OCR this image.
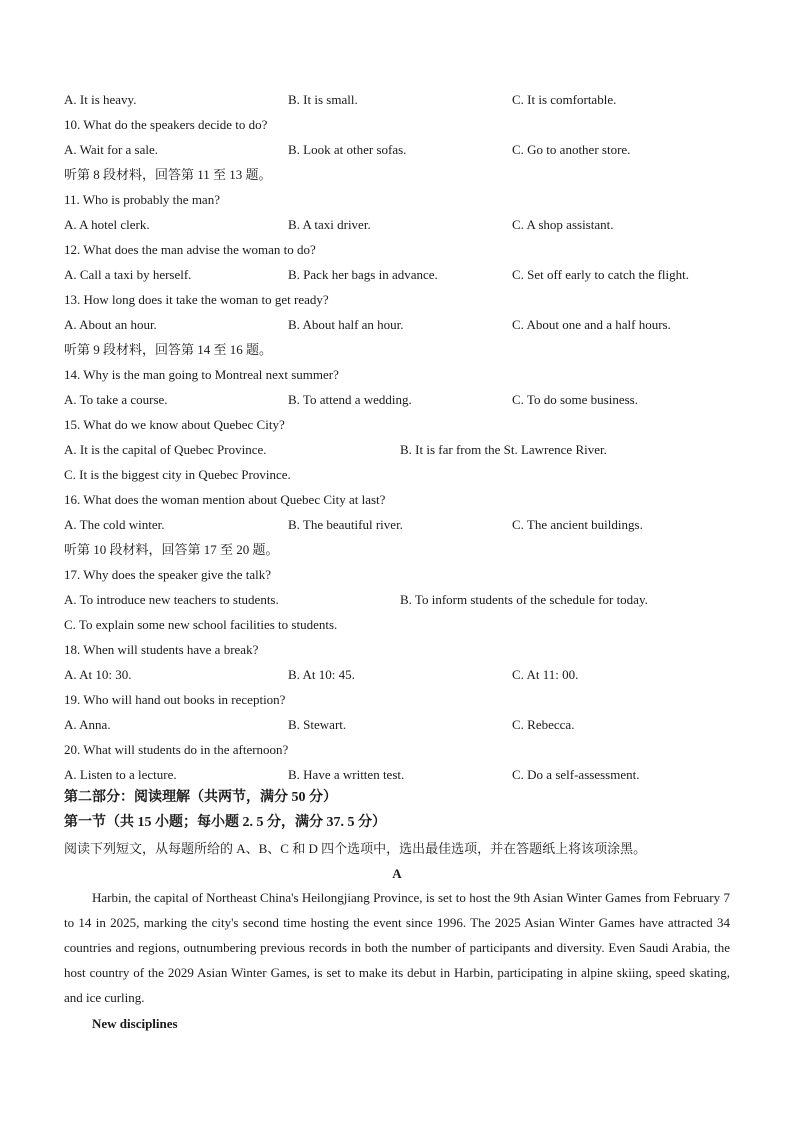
A. It is heavy.	B. It is small.	C. It is comfortable.
10. What do the speakers decide to do?
A. Wait for a sale.	B. Look at other sofas.	C. Go to another store.
听第 8 段材料，回答第 11 至 13 题。
11. Who is probably the man?
A. A hotel clerk.	B. A taxi driver.	C. A shop assistant.
12. What does the man advise the woman to do?
A. Call a taxi by herself.	B. Pack her bags in advance.	C. Set off early to catch the flight.
13. How long does it take the woman to get ready?
A. About an hour.	B. About half an hour.	C. About one and a half hours.
听第 9 段材料，回答第 14 至 16 题。
14. Why is the man going to Montreal next summer?
A. To take a course.	B. To attend a wedding.	C. To do some business.
15. What do we know about Quebec City?
A. It is the capital of Quebec Province.	B. It is far from the St. Lawrence River.
C. It is the biggest city in Quebec Province.
16. What does the woman mention about Quebec City at last?
A. The cold winter.	B. The beautiful river.	C. The ancient buildings.
听第 10 段材料，回答第 17 至 20 题。
17. Why does the speaker give the talk?
A. To introduce new teachers to students.	B. To inform students of the schedule for today.
C. To explain some new school facilities to students.
18. When will students have a break?
A. At 10: 30.	B. At 10: 45.	C. At 11: 00.
19. Who will hand out books in reception?
A. Anna.	B. Stewart.	C. Rebecca.
20. What will students do in the afternoon?
A. Listen to a lecture.	B. Have a written test.	C. Do a self-assessment.
第二部分：阅读理解（共两节，满分 50 分）
第一节（共 15 小题；每小题 2. 5 分，满分 37. 5 分）
阅读下列短文，从每题所给的 A、B、C 和 D 四个选项中，选出最佳选项，并在答题纸上将该项涂黑。
A
Harbin, the capital of Northeast China's Heilongjiang Province, is set to host the 9th Asian Winter Games from February 7 to 14 in 2025, marking the city's second time hosting the event since 1996. The 2025 Asian Winter Games have attracted 34 countries and regions, outnumbering previous records in both the number of participants and diversity. Even Saudi Arabia, the host country of the 2029 Asian Winter Games, is set to make its debut in Harbin, participating in alpine skiing, speed skating, and ice curling.
New disciplines
